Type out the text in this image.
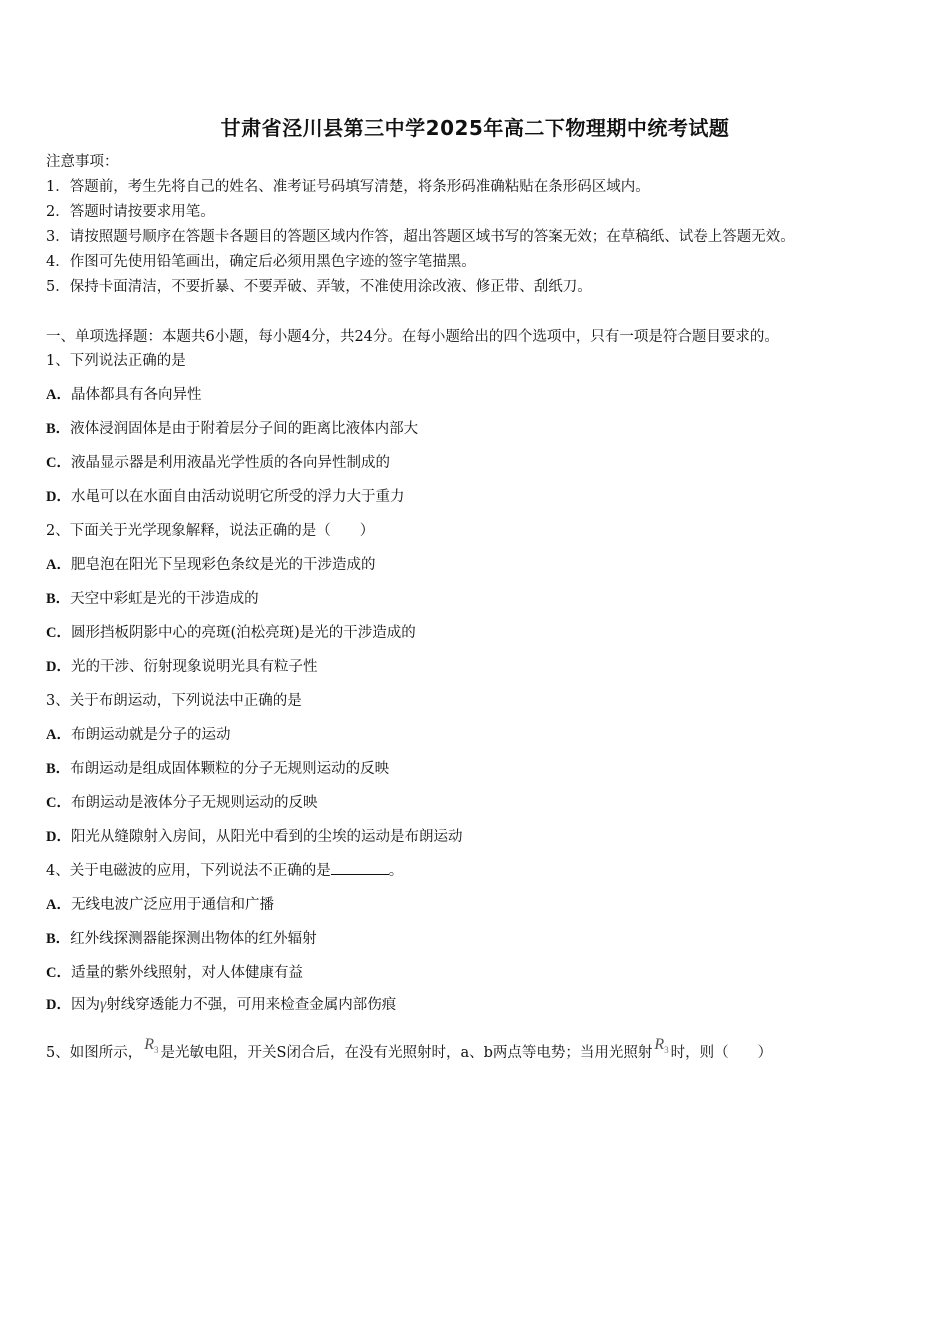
甘肃省泾川县第三中学2025年高二下物理期中统考试题
注意事项：
1．答题前，考生先将自己的姓名、准考证号码填写清楚，将条形码准确粘贴在条形码区域内。
2．答题时请按要求用笔。
3．请按照题号顺序在答题卡各题目的答题区域内作答，超出答题区域书写的答案无效；在草稿纸、试卷上答题无效。
4．作图可先使用铅笔画出，确定后必须用黑色字迹的签字笔描黑。
5．保持卡面清洁，不要折暴、不要弄破、弄皱，不准使用涂改液、修正带、刮纸刀。
一、单项选择题：本题共6小题，每小题4分，共24分。在每小题给出的四个选项中，只有一项是符合题目要求的。
1、下列说法正确的是
A．晶体都具有各向异性
B．液体浸润固体是由于附着层分子间的距离比液体内部大
C．液晶显示器是利用液晶光学性质的各向异性制成的
D．水黾可以在水面自由活动说明它所受的浮力大于重力
2、下面关于光学现象解释，说法正确的是（　　）
A．肥皂泡在阳光下呈现彩色条纹是光的干涉造成的
B．天空中彩虹是光的干涉造成的
C．圆形挡板阴影中心的亮斑(泊松亮斑)是光的干涉造成的
D．光的干涉、衍射现象说明光具有粒子性
3、关于布朗运动，下列说法中正确的是
A．布朗运动就是分子的运动
B．布朗运动是组成固体颗粒的分子无规则运动的反映
C．布朗运动是液体分子无规则运动的反映
D．阳光从缝隙射入房间，从阳光中看到的尘埃的运动是布朗运动
4、关于电磁波的应用，下列说法不正确的是	。
A．无线电波广泛应用于通信和广播
B．红外线探测器能探测出物体的红外辐射
C．适量的紫外线照射，对人体健康有益
D．因为γ射线穿透能力不强，可用来检查金属内部伤痕
5、如图所示， $R_3$ 是光敏电阻，开关S闭合后，在没有光照射时，a、b两点等电势；当用光照射 $R_3$ 时，则（　　）
